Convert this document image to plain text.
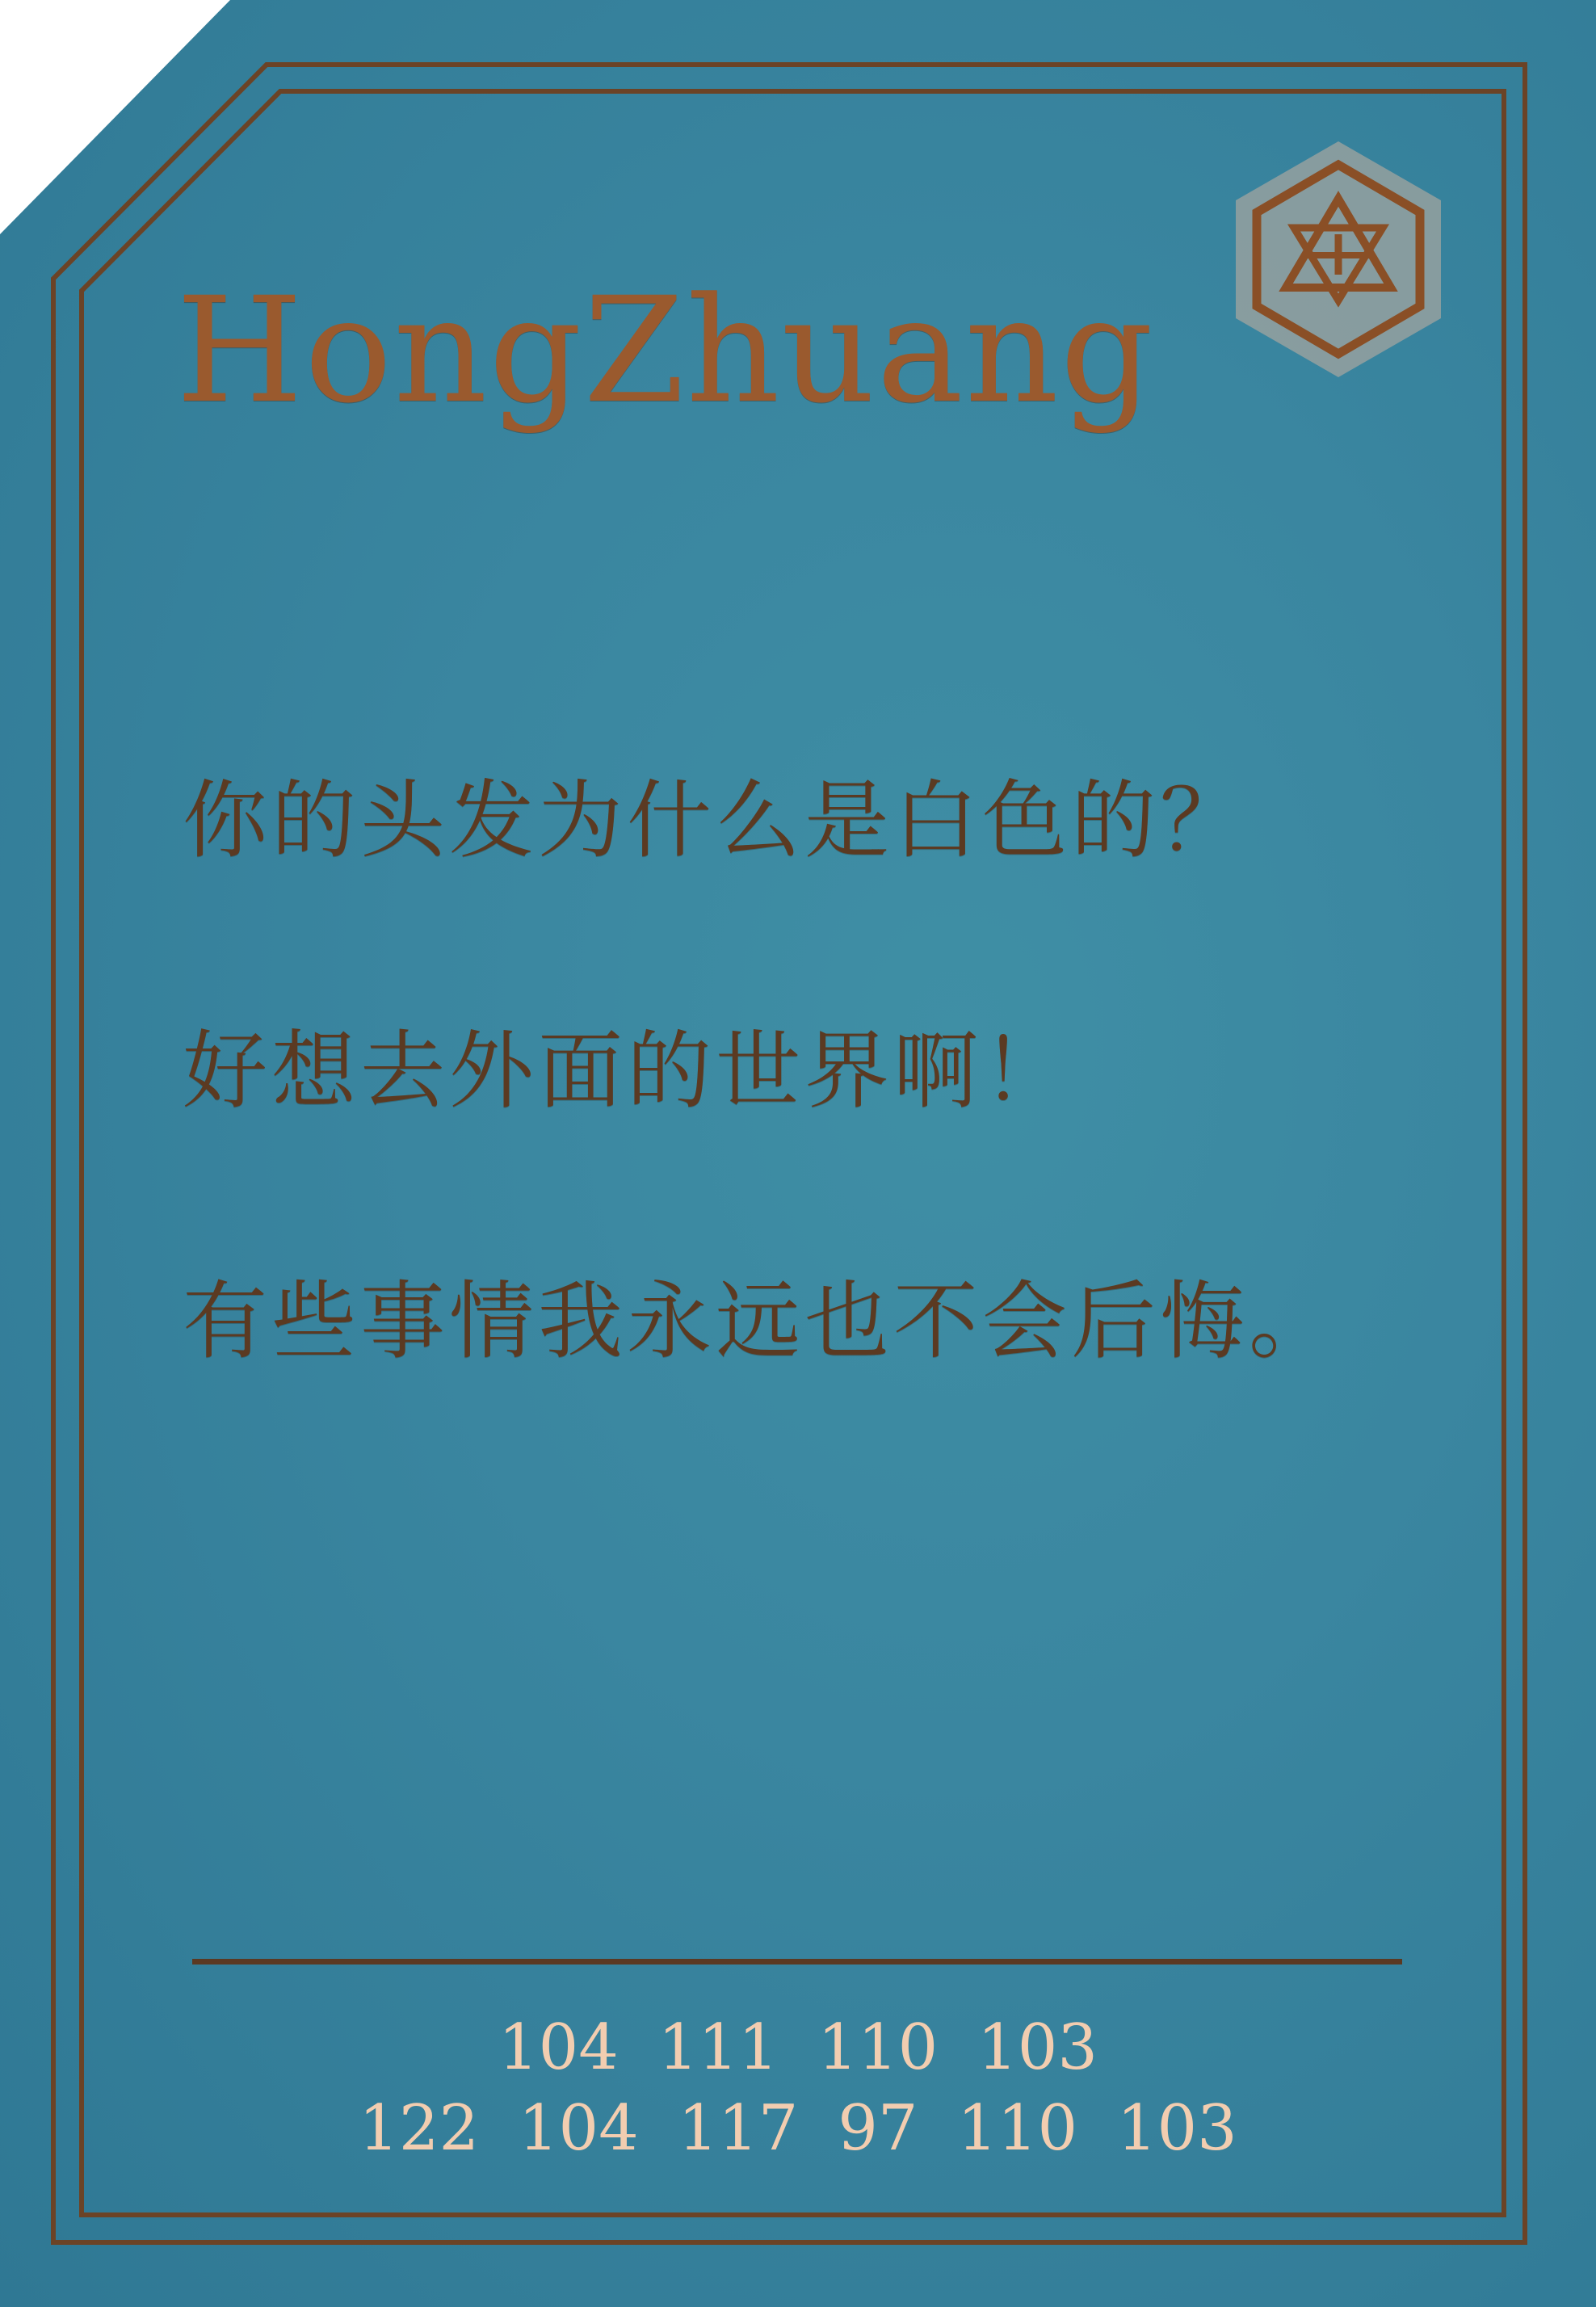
HongZhuang
你的头发为什么是白色的？
好想去外面的世界啊！
有些事情我永远也不会后悔。
104 111 110 103
122 104 117 97 110 103
